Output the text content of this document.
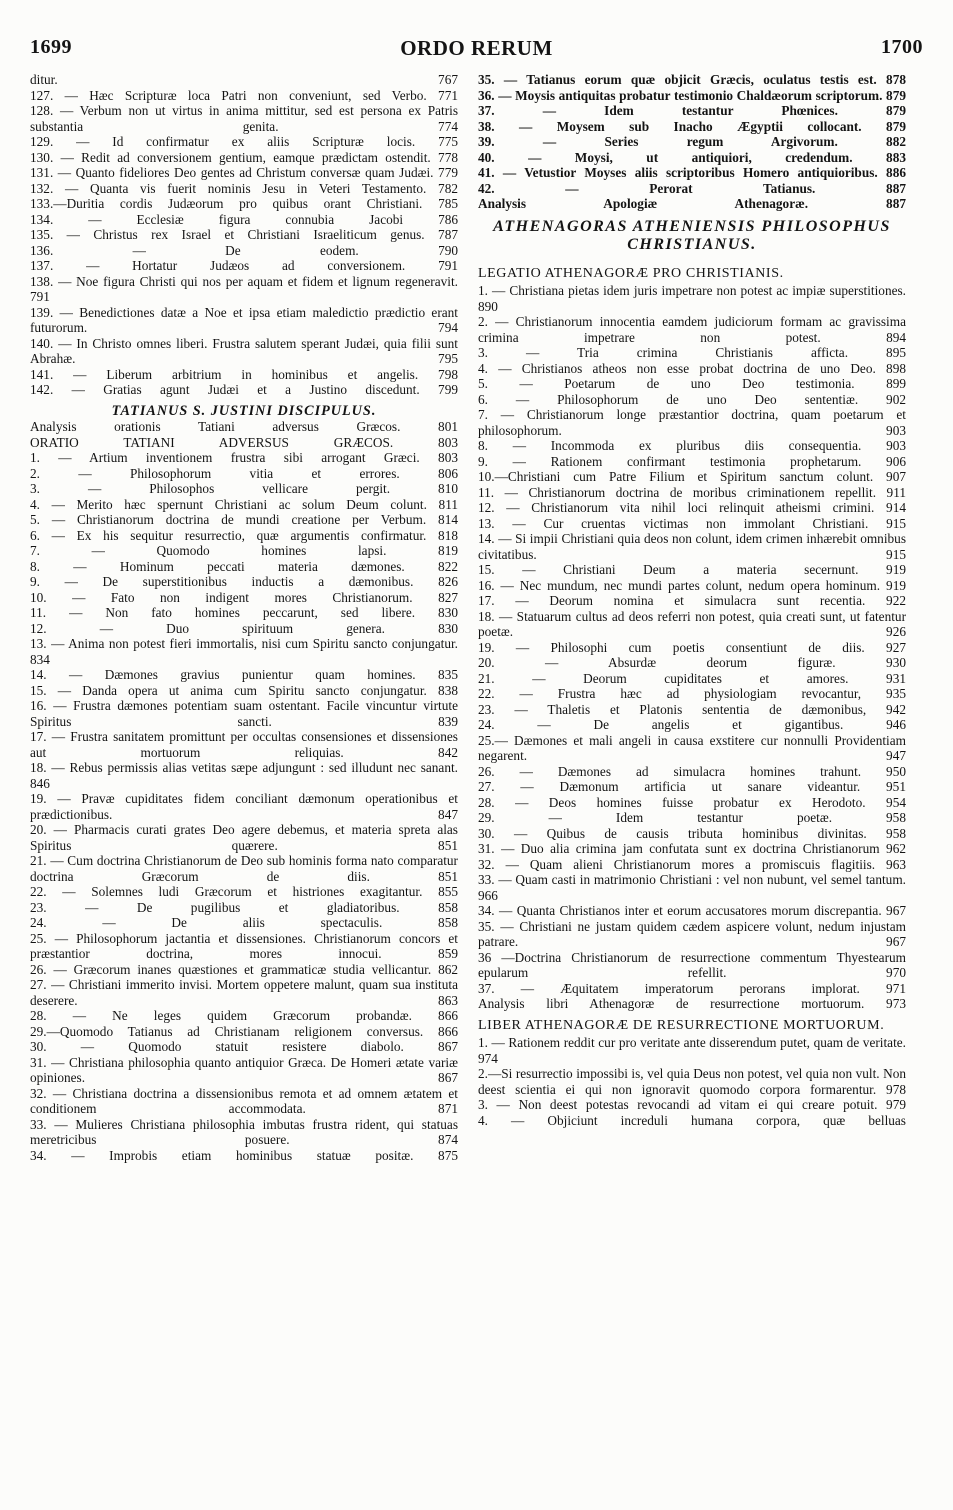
1699	ORDO RERUM	1700
ditur.	767
127. — Hæc Scripturæ loca Patri non conveniunt, sed Verbo. 771
128. — Verbum non ut virtus in anima mittitur, sed est persona ex Patris substantia genita.	774
129. — Id confirmatur ex aliis Scripturæ locis. 775
130. — Redit ad conversionem gentium, eamque prædictam ostendit. 778
131. — Quanto fideliores Deo gentes ad Christum conversæ quam Judæi. 779
132. — Quanta vis fuerit nominis Jesu in Veteri Testamento. 782
133.—Duritia cordis Judæorum pro quibus orant Christiani. 785
134. — Ecclesiæ figura connubia Jacobi	786
135. — Christus rex Israel et Christiani Israeliticum genus. 787
136. — De eodem.	790
137. — Hortatur Judæos ad conversionem. 791
138. — Noe figura Christi qui nos per aquam et fidem et lignum regeneravit. 791
139. — Benedictiones datæ a Noe et ipsa etiam maledictio prædictio erant futurorum.	794
140. — In Christo omnes liberi. Frustra salutem sperant Judæi, quia filii sunt Abrahæ.	795
141. — Liberum arbitrium in hominibus et angelis. 798
142. — Gratias agunt Judæi et a Justino discedunt. 799
TATIANUS S. JUSTINI DISCIPULUS.
Analysis orationis Tatiani adversus Græcos.	801
ORATIO TATIANI ADVERSUS GRÆCOS.	803
1. — Artium inventionem frustra sibi arrogant Græci. 803
2. — Philosophorum vitia et errores.	806
3. — Philosophos vellicare pergit.	810
4. — Merito hæc spernunt Christiani ac solum Deum colunt. 811
5. — Christianorum doctrina de mundi creatione per Verbum. 814
6. — Ex his sequitur resurrectio, quæ argumentis confirmatur. 818
7. — Quomodo homines lapsi.	819
8. — Hominum peccati materia dæmones.	822
9. — De superstitionibus inductis a dæmonibus. 826
10. — Fato non indigent mores Christianorum. 827
11. — Non fato homines peccarunt, sed libere. 830
12. — Duo spirituum genera.	830
13. — Anima non potest fieri immortalis, nisi cum Spiritu sancto conjungatur. 834
14. — Dæmones gravius punientur quam homines. 835
15. — Danda opera ut anima cum Spiritu sancto conjungatur. 838
16. — Frustra dæmones potentiam suam ostentant. Facile vincuntur virtute Spiritus sancti.	839
17. — Frustra sanitatem promittunt per occultas consensiones et dissensiones aut mortuorum reliquias.	842
18. — Rebus permissis alias vetitas sæpe adjungunt : sed illudunt nec sanant. 846
19. — Pravæ cupiditates fidem conciliant dæmonum operationibus et prædictionibus.	847
20. — Pharmacis curati grates Deo agere debemus, et materia spreta alas Spiritus quærere.	851
21. — Cum doctrina Christianorum de Deo sub hominis forma nato comparatur doctrina Græcorum de diis.	851
22. — Solemnes ludi Græcorum et histriones exagitantur. 855
23. — De pugilibus et gladiatoribus.	858
24. — De aliis spectaculis.	858
25. — Philosophorum jactantia et dissensiones. Christianorum concors et præstantior doctrina, mores innocui.	859
26. — Græcorum inanes quæstiones et grammaticæ studia vellicantur. 862
27. — Christiani immerito invisi. Mortem oppetere malunt, quam sua instituta deserere.	863
28. — Ne leges quidem Græcorum probandæ. 866
29.—Quomodo Tatianus ad Christianam religionem conversus. 866
30. — Quomodo statuit resistere diabolo.	867
31. — Christiana philosophia quanto antiquior Græca. De Homeri ætate variæ opiniones.	867
32. — Christiana doctrina a dissensionibus remota et ad omnem ætatem et conditionem accommodata.	871
33. — Mulieres Christiana philosophia imbutas frustra rident, qui statuas meretricibus posuere.	874
34. — Improbis etiam hominibus statuæ positæ. 875
35. — Tatianus eorum quæ objicit Græcis, oculatus testis est. 878
36. — Moysis antiquitas probatur testimonio Chaldæorum scriptorum. 879
37. — Idem testantur Phœnices.	879
38. — Moysem sub Inacho Ægyptii collocant. 879
39. — Series regum Argivorum.	882
40. — Moysi, ut antiquiori, credendum.	883
41. — Vetustior Moyses aliis scriptoribus Homero antiquioribus. 886
42. — Perorat Tatianus.	887
Analysis Apologiæ Athenagoræ.	887
ATHENAGORAS ATHENIENSIS PHILOSOPHUS CHRISTIANUS.
LEGATIO ATHENAGORÆ PRO CHRISTIANIS.
1. — Christiana pietas idem juris impetrare non potest ac impiæ superstitiones. 890
2. — Christianorum innocentia eamdem judiciorum formam ac gravissima crimina impetrare non potest.	894
3. — Tria crimina Christianis afficta.	895
4. — Christianos atheos non esse probat doctrina de uno Deo. 898
5. — Poetarum de uno Deo testimonia. 899
6. — Philosophorum de uno Deo sententiæ. 902
7. — Christianorum longe præstantior doctrina, quam poetarum et philosophorum.	903
8. — Incommoda ex pluribus diis consequentia. 903
9. — Rationem confirmant testimonia prophetarum. 906
10.—Christiani cum Patre Filium et Spiritum sanctum colunt. 907
11. — Christianorum doctrina de moribus criminationem repellit. 911
12. — Christianorum vita nihil loci relinquit atheismi crimini. 914
13. — Cur cruentas victimas non immolant Christiani. 915
14. — Si impii Christiani quia deos non colunt, idem crimen inhærebit omnibus civitatibus.	915
15. — Christiani Deum a materia secernunt. 919
16. — Nec mundum, nec mundi partes colunt, nedum opera hominum. 919
17. — Deorum nomina et simulacra sunt recentia. 922
18. — Statuarum cultus ad deos referri non potest, quia creati sunt, ut fatentur poetæ.	926
19. — Philosophi cum poetis consentiunt de diis. 927
20. — Absurdæ deorum figuræ.	930
21. — Deorum cupiditates et amores.	931
22. — Frustra hæc ad physiologiam revocantur, 935
23. — Thaletis et Platonis sententia de dæmonibus, 942
24. — De angelis et gigantibus.	946
25.— Dæmones et mali angeli in causa exstitere cur nonnulli Providentiam negarent.	947
26. — Dæmones ad simulacra homines trahunt. 950
27. — Dæmonum artificia ut sanare videantur. 951
28. — Deos homines fuisse probatur ex Herodoto. 954
29. — Idem testantur poetæ.	958
30. — Quibus de causis tributa hominibus divinitas. 958
31. — Duo alia crimina jam confutata sunt ex doctrina Christianorum 962
32. — Quam alieni Christianorum mores a promiscuis flagitiis. 963
33. — Quam casti in matrimonio Christiani : vel non nubunt, vel semel tantum. 966
34. — Quanta Christianos inter et eorum accusatores morum discrepantia. 967
35. — Christiani ne justam quidem cædem aspicere volunt, nedum injustam patrare.	967
36 —Doctrina Christianorum de resurrectione commentum Thyestearum epularum refellit.	970
37. — Æquitatem imperatorum perorans implorat. 971
Analysis libri Athenagoræ de resurrectione mortuorum. 973
LIBER ATHENAGORÆ DE RESURRECTIONE MORTUORUM.
1. — Rationem reddit cur pro veritate ante disserendum putet, quam de veritate. 974
2.—Si resurrectio impossibi is, vel quia Deus non potest, vel quia non vult. Non deest scientia ei qui non ignoravit quomodo corpora formarentur. 978
3. — Non deest potestas revocandi ad vitam ei qui creare potuit. 979
4. — Objiciunt increduli humana corpora, quæ belluas
